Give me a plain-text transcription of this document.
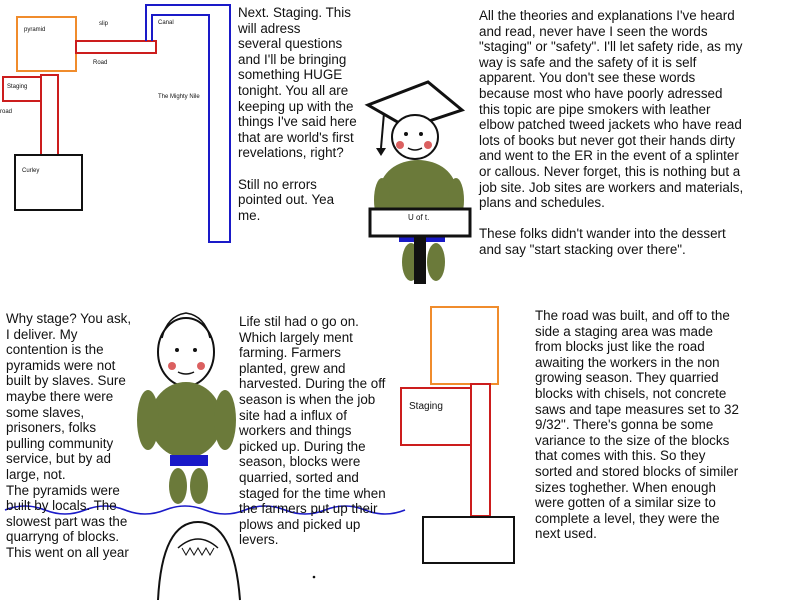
pyramid
slip	Canal
Road
Staging
road
The Mighty Nile
Curley
U of t.
Next. Staging. This
will adress
several questions
and I'll be bringing
something HUGE
tonight. You all are
keeping up with the
things I've said here
that are world's first
revelations, right?

Still no errors
pointed out. Yea
me.
All the theories and explanations I've heard
and read, never have I seen the words
"staging" or "safety". I'll let safety ride, as my
way is safe and the safety of it is self
apparent. You don't see these words
because most who have poorly adressed
this topic are pipe smokers with leather
elbow patched tweed jackets who have read
lots of books but never got their hands dirty
and went to the ER in the event of a splinter
or callous. Never forget, this is nothing but a
job site. Job sites are workers and materials,
plans and schedules.

These folks didn't wander into the dessert
and say "start stacking over there".
Why stage? You ask,
I deliver. My
contention is the
pyramids were not
built by slaves. Sure
maybe there were
some slaves,
prisoners, folks
pulling community
service, but by ad
large, not.
The pyramids were
built by locals. The
slowest part was the
quarryng of blocks.
This went on all year
Life stil had o go on.
Which largely ment
farming. Farmers
planted, grew and
harvested. During the off
season is when the job
site had a influx of
workers and things
picked up. During the
season, blocks were
quarried, sorted and
staged for the time when
the farmers put up their
plows and picked up
levers.
Staging
The road was built, and off to the
side a staging area was made
from blocks just like the road
awaiting the workers in the non
growing season. They quarried
blocks with chisels, not concrete
saws and tape measures set to 32
9/32". There's gonna be some
variance to the size of the blocks
that comes with this. So they
sorted and stored blocks of similer
sizes toghether. When enough
were gotten of a similar size to
complete a level, they were the
next used.
